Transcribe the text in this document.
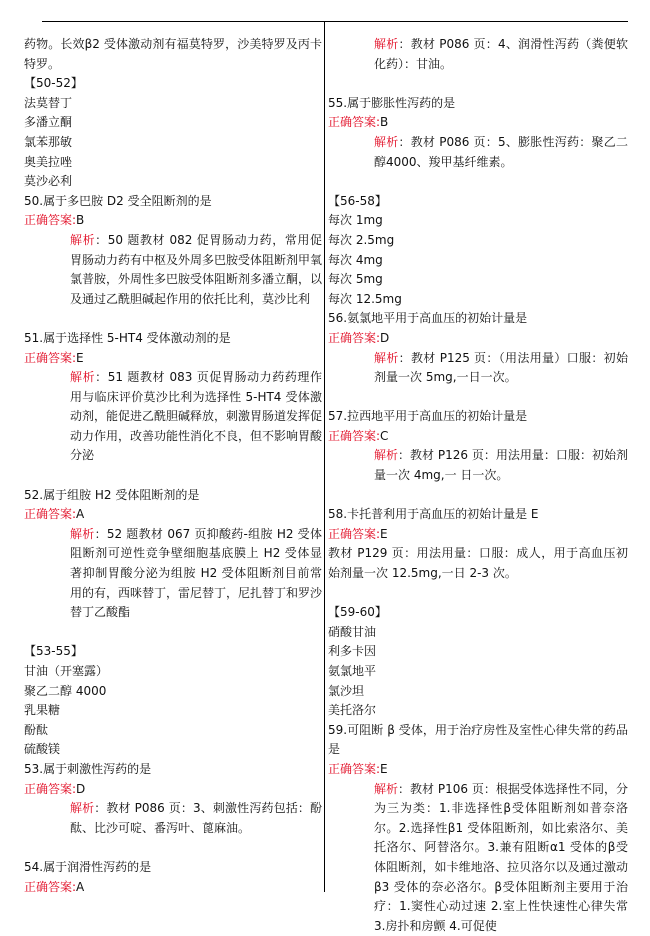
药物。长效β2 受体激动剂有福莫特罗，沙美特罗及丙卡特罗。

【50-52】

法莫替丁

多潘立酮

氯苯那敏

奥美拉唑

莫沙必利

50.属于多巴胺 D2 受全阻断剂的是

正确答案:B

解析：50 题教材 082 促胃肠动力药，常用促胃肠动力药有中枢及外周多巴胺受体阻断剂甲氧氯普胺，外周性多巴胺受体阻断剂多潘立酮，以及通过乙酰胆碱起作用的依托比利，莫沙比利

51.属于选择性 5-HT4 受体激动剂的是

正确答案:E

解析：51 题教材 083 页促胃肠动力药药理作用与临床评价莫沙比利为选择性 5-HT4 受体激动剂，能促进乙酰胆碱释放，刺激胃肠道发挥促动力作用，改善功能性消化不良，但不影响胃酸分泌

52.属于组胺 H2 受体阻断剂的是

正确答案:A

解析：52 题教材 067 页抑酸药-组胺 H2 受体阻断剂可逆性竞争壁细胞基底膜上 H2 受体显著抑制胃酸分泌为组胺 H2 受体阻断剂目前常用的有，西咪替丁，雷尼替丁，尼扎替丁和罗沙替丁乙酸酯

【53-55】

甘油（开塞露）

聚乙二醇 4000

乳果糖

酚酞

硫酸镁

53.属于刺激性泻药的是

正确答案:D

解析：教材 P086 页：3、刺激性泻药包括：酚酞、比沙可啶、番泻叶、蓖麻油。

54.属于润滑性泻药的是

正确答案:A

解析：教材 P086 页：4、润滑性泻药（粪便软化药）：甘油。

55.属于膨胀性泻药的是

正确答案:B

解析：教材 P086 页：5、膨胀性泻药：聚乙二醇4000、羧甲基纤维素。

【56-58】

每次 1mg

每次 2.5mg

每次 4mg

每次 5mg

每次 12.5mg

56.氨氯地平用于高血压的初始计量是

正确答案:D

解析：教材 P125 页：（用法用量）口服：初始剂量一次 5mg,一日一次。

57.拉西地平用于高血压的初始计量是

正确答案:C

解析：教材 P126 页：用法用量：口服：初始剂量一次 4mg,一 日一次。

58.卡托普利用于高血压的初始计量是 E

正确答案:E

教材 P129 页：用法用量：口服：成人，用于高血压初始剂量一次 12.5mg,一日 2-3 次。

【59-60】

硝酸甘油

利多卡因

氨氯地平

氯沙坦

美托洛尔

59.可阻断 β 受体，用于治疗房性及室性心律失常的药品是

正确答案:E

解析：教材 P106 页：根据受体选择性不同，分为三为类：1.非选择性β受体阻断剂如普奈洛尔。2.选择性β1 受体阻断剂，如比索洛尔、美托洛尔、阿替洛尔。3.兼有阻断α1 受体的β受体阻断剂，如卡维地洛、拉贝洛尔以及通过激动β3 受体的奈必洛尔。β受体阻断剂主要用于治疗：1.窦性心动过速 2.室上性快速性心律失常 3.房扑和房颤 4.可促使
